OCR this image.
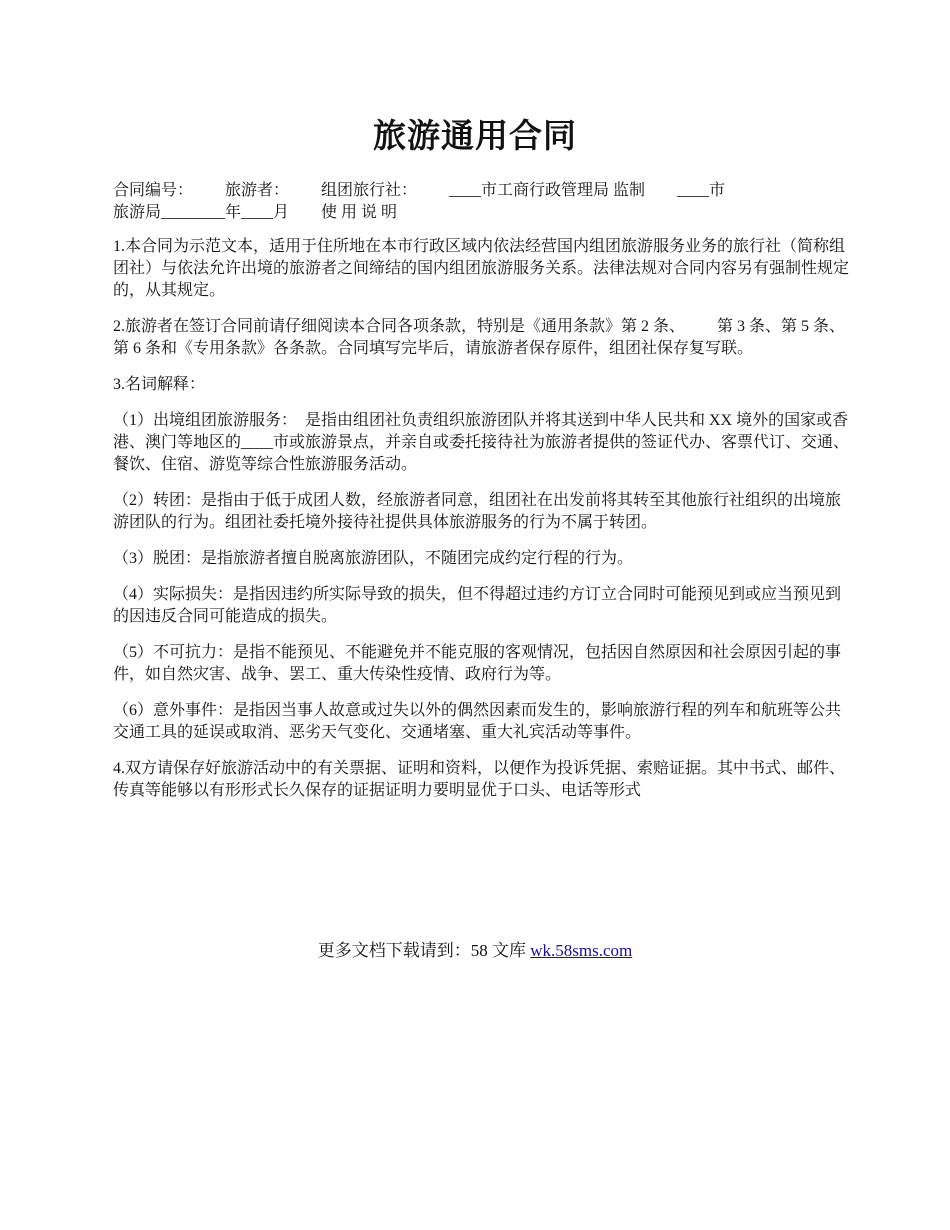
旅游通用合同

合同编号：        旅游者：        组团旅行社：        ____市工商行政管理局 监制        ____市
旅游局________年____月        使 用 说 明

1.本合同为示范文本，适用于住所地在本市行政区域内依法经营国内组团旅游服务业务的旅行社（简称组团社）与依法允许出境的旅游者之间缔结的国内组团旅游服务关系。法律法规对合同内容另有强制性规定的，从其规定。

2.旅游者在签订合同前请仔细阅读本合同各项条款，特别是《通用条款》第 2 条、        第 3 条、第 5 条、第 6 条和《专用条款》各条款。合同填写完毕后，请旅游者保存原件，组团社保存复写联。

3.名词解释：

（1）出境组团旅游服务：  是指由组团社负责组织旅游团队并将其送到中华人民共和 XX 境外的国家或香港、澳门等地区的____市或旅游景点，并亲自或委托接待社为旅游者提供的签证代办、客票代订、交通、餐饮、住宿、游览等综合性旅游服务活动。

（2）转团：是指由于低于成团人数，经旅游者同意，组团社在出发前将其转至其他旅行社组织的出境旅游团队的行为。组团社委托境外接待社提供具体旅游服务的行为不属于转团。

（3）脱团：是指旅游者擅自脱离旅游团队，不随团完成约定行程的行为。

（4）实际损失：是指因违约所实际导致的损失，但不得超过违约方订立合同时可能预见到或应当预见到的因违反合同可能造成的损失。

（5）不可抗力：是指不能预见、不能避免并不能克服的客观情况，包括因自然原因和社会原因引起的事件，如自然灾害、战争、罢工、重大传染性疫情、政府行为等。

（6）意外事件：是指因当事人故意或过失以外的偶然因素而发生的，影响旅游行程的列车和航班等公共交通工具的延误或取消、恶劣天气变化、交通堵塞、重大礼宾活动等事件。

4.双方请保存好旅游活动中的有关票据、证明和资料，以便作为投诉凭据、索赔证据。其中书式、邮件、传真等能够以有形形式长久保存的证据证明力要明显优于口头、电话等形式

更多文档下载请到：58 文库 wk.58sms.com
